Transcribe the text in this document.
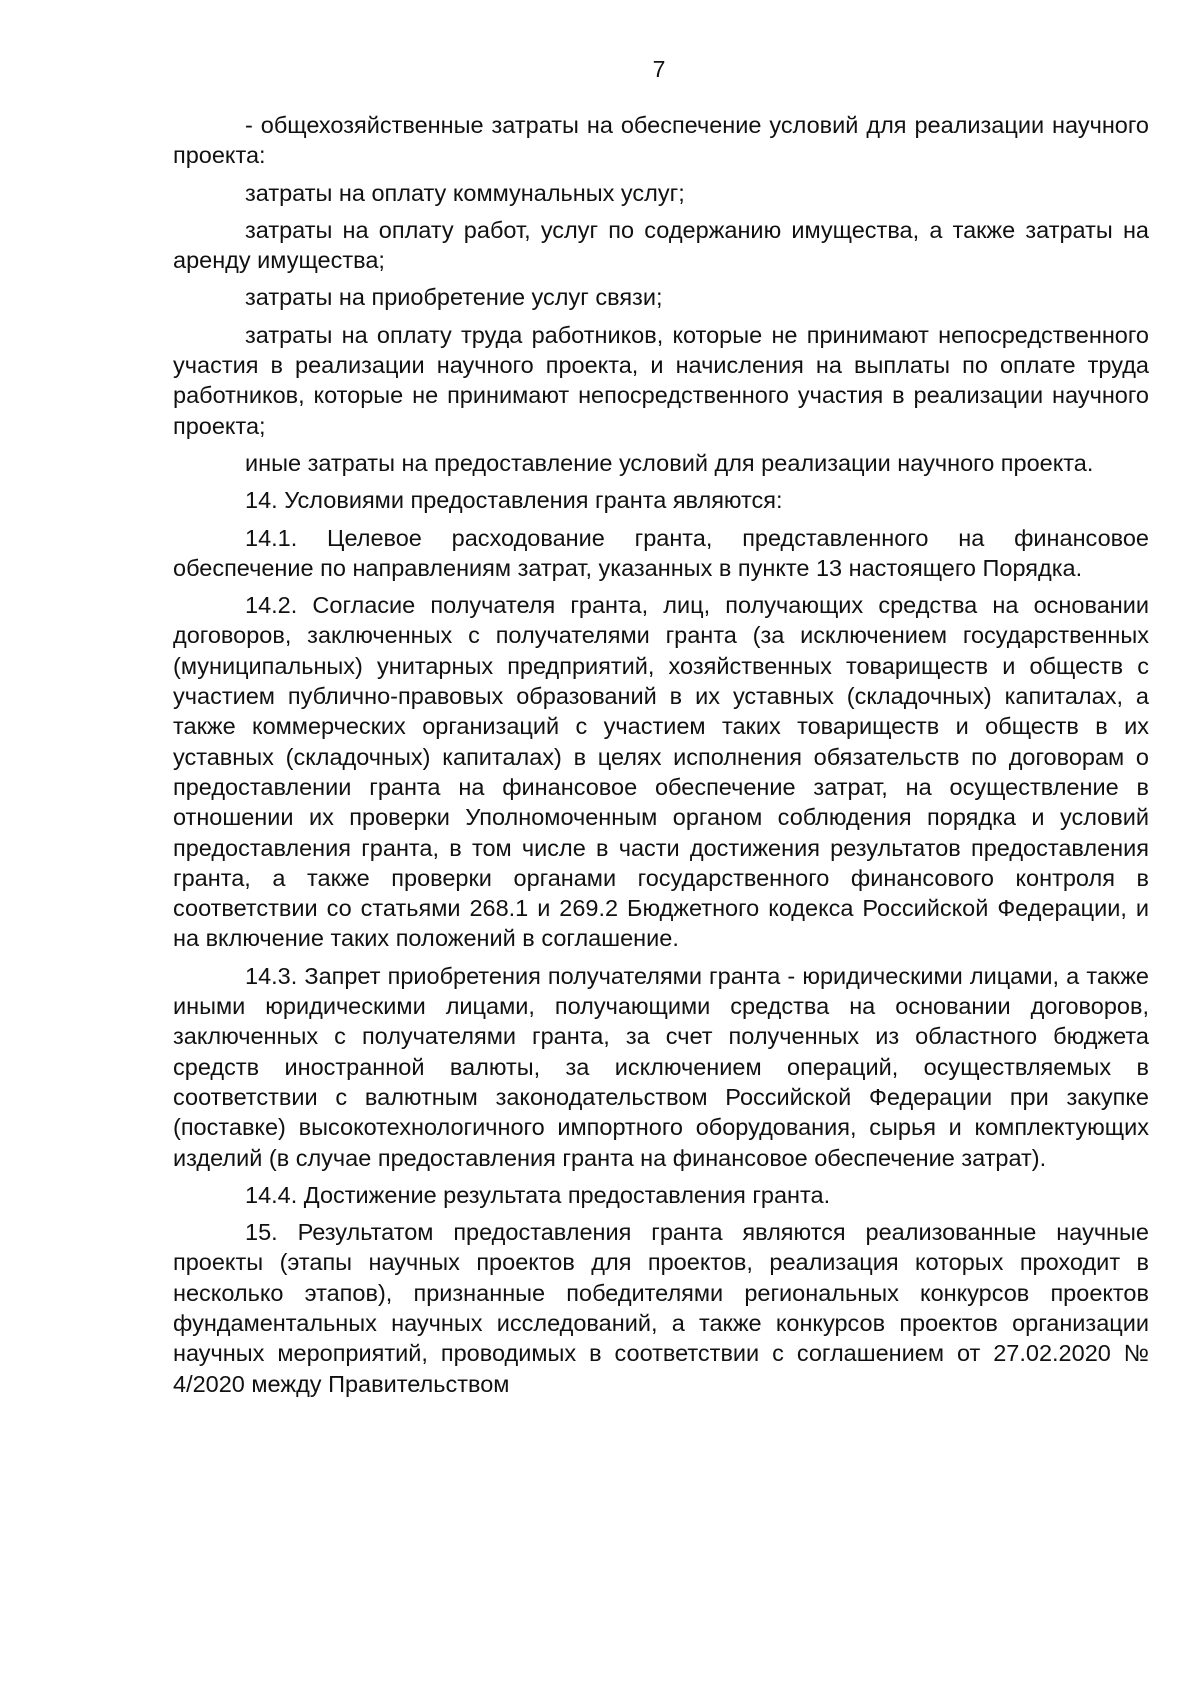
7

- общехозяйственные затраты на обеспечение условий для реализации научного проекта:

затраты на оплату коммунальных услуг;

затраты на оплату работ, услуг по содержанию имущества, а также затраты на аренду имущества;

затраты на приобретение услуг связи;

затраты на оплату труда работников, которые не принимают непосредственного участия в реализации научного проекта, и начисления на выплаты по оплате труда работников, которые не принимают непосредственного участия в реализации научного проекта;

иные затраты на предоставление условий для реализации научного проекта.

14. Условиями предоставления гранта являются:

14.1. Целевое расходование гранта, представленного на финансовое обеспечение по направлениям затрат, указанных в пункте 13 настоящего Порядка.

14.2. Согласие получателя гранта, лиц, получающих средства на основании договоров, заключенных с получателями гранта (за исключением государственных (муниципальных) унитарных предприятий, хозяйственных товариществ и обществ с участием публично-правовых образований в их уставных (складочных) капиталах, а также коммерческих организаций с участием таких товариществ и обществ в их уставных (складочных) капиталах) в целях исполнения обязательств по договорам о предоставлении гранта на финансовое обеспечение затрат, на осуществление в отношении их проверки Уполномоченным органом соблюдения порядка и условий предоставления гранта, в том числе в части достижения результатов предоставления гранта, а также проверки органами государственного финансового контроля в соответствии со статьями 268.1 и 269.2 Бюджетного кодекса Российской Федерации, и на включение таких положений в соглашение.

14.3. Запрет приобретения получателями гранта - юридическими лицами, а также иными юридическими лицами, получающими средства на основании договоров, заключенных с получателями гранта, за счет полученных из областного бюджета средств иностранной валюты, за исключением операций, осуществляемых в соответствии с валютным законодательством Российской Федерации при закупке (поставке) высокотехнологичного импортного оборудования, сырья и комплектующих изделий (в случае предоставления гранта на финансовое обеспечение затрат).

14.4. Достижение результата предоставления гранта.

15. Результатом предоставления гранта являются реализованные научные проекты (этапы научных проектов для проектов, реализация которых проходит в несколько этапов), признанные победителями региональных конкурсов проектов фундаментальных научных исследований, а также конкурсов проектов организации научных мероприятий, проводимых в соответствии с соглашением от 27.02.2020 № 4/2020 между Правительством
